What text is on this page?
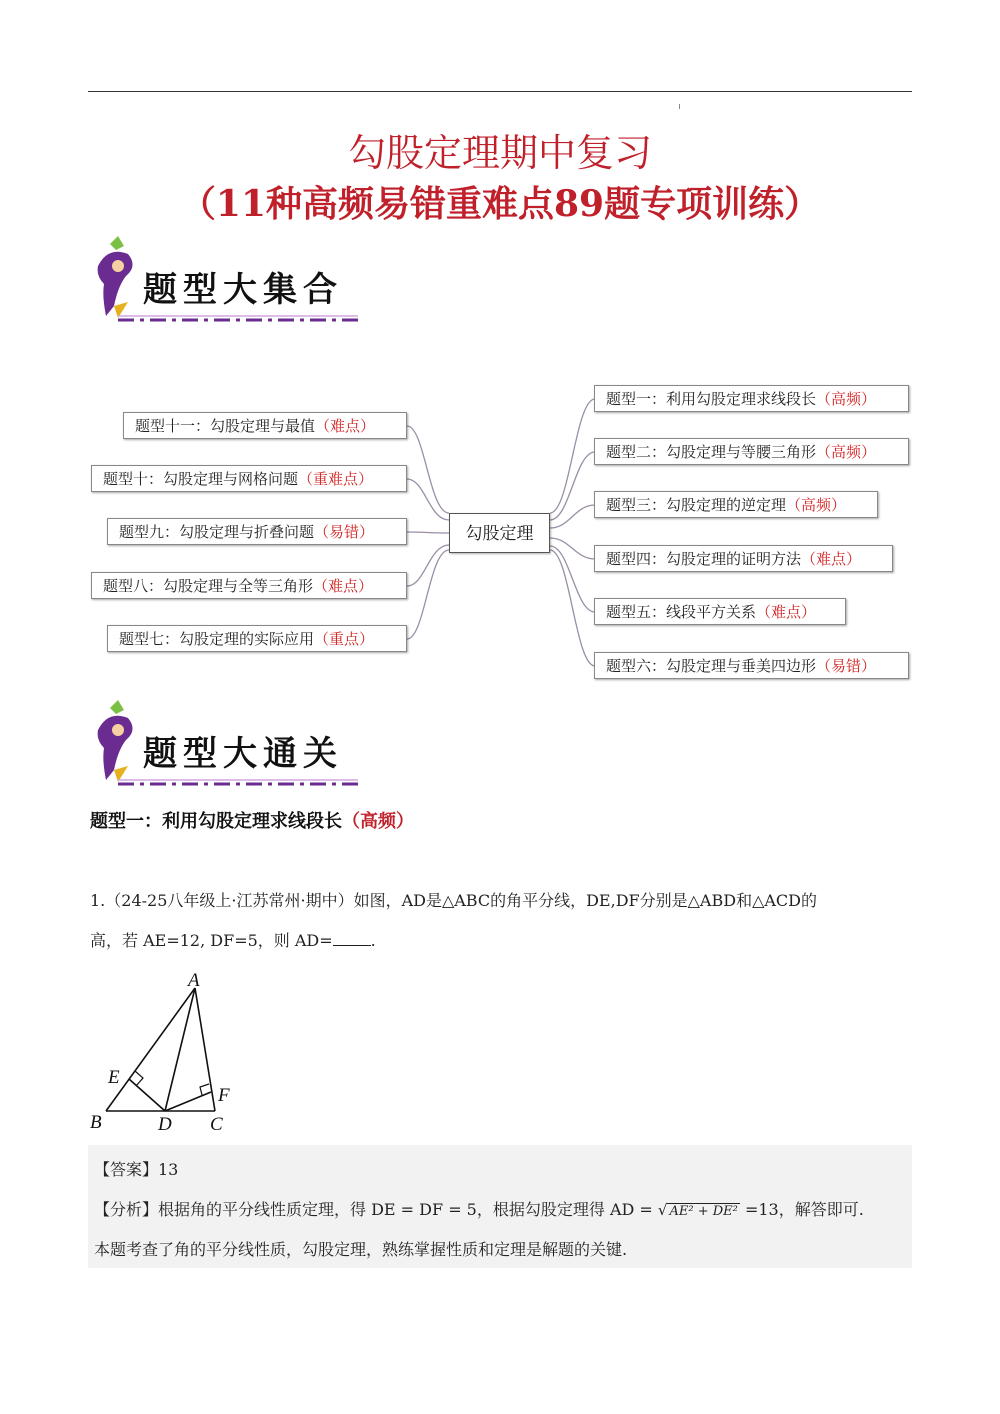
勾股定理期中复习
（11种高频易错重难点89题专项训练）
题型大集合
勾股定理
题型一：利用勾股定理求线段长（高频）
题型二：勾股定理与等腰三角形（高频）
题型三：勾股定理的逆定理（高频）
题型四：勾股定理的证明方法（难点）
题型五：线段平方关系（难点）
题型六：勾股定理与垂美四边形（易错）
题型十一：勾股定理与最值（难点）
题型十：勾股定理与网格问题（重难点）
题型九：勾股定理与折叠问题（易错）
题型八：勾股定理与全等三角形（难点）
题型七：勾股定理的实际应用（重点）
题型大通关
题型一：利用勾股定理求线段长（高频）
1.（24-25八年级上·江苏常州·期中）如图，AD是△ABC的角平分线，DE,DF分别是△ABD和△ACD的
高，若 AE=12, DF=5，则 AD= .
A
B	C
D
E
F
【答案】13
【分析】根据角的平分线性质定理，得 DE = DF = 5，根据勾股定理得 AD = √ AE² + DE² =13，解答即可.
本题考查了角的平分线性质，勾股定理，熟练掌握性质和定理是解题的关键.
